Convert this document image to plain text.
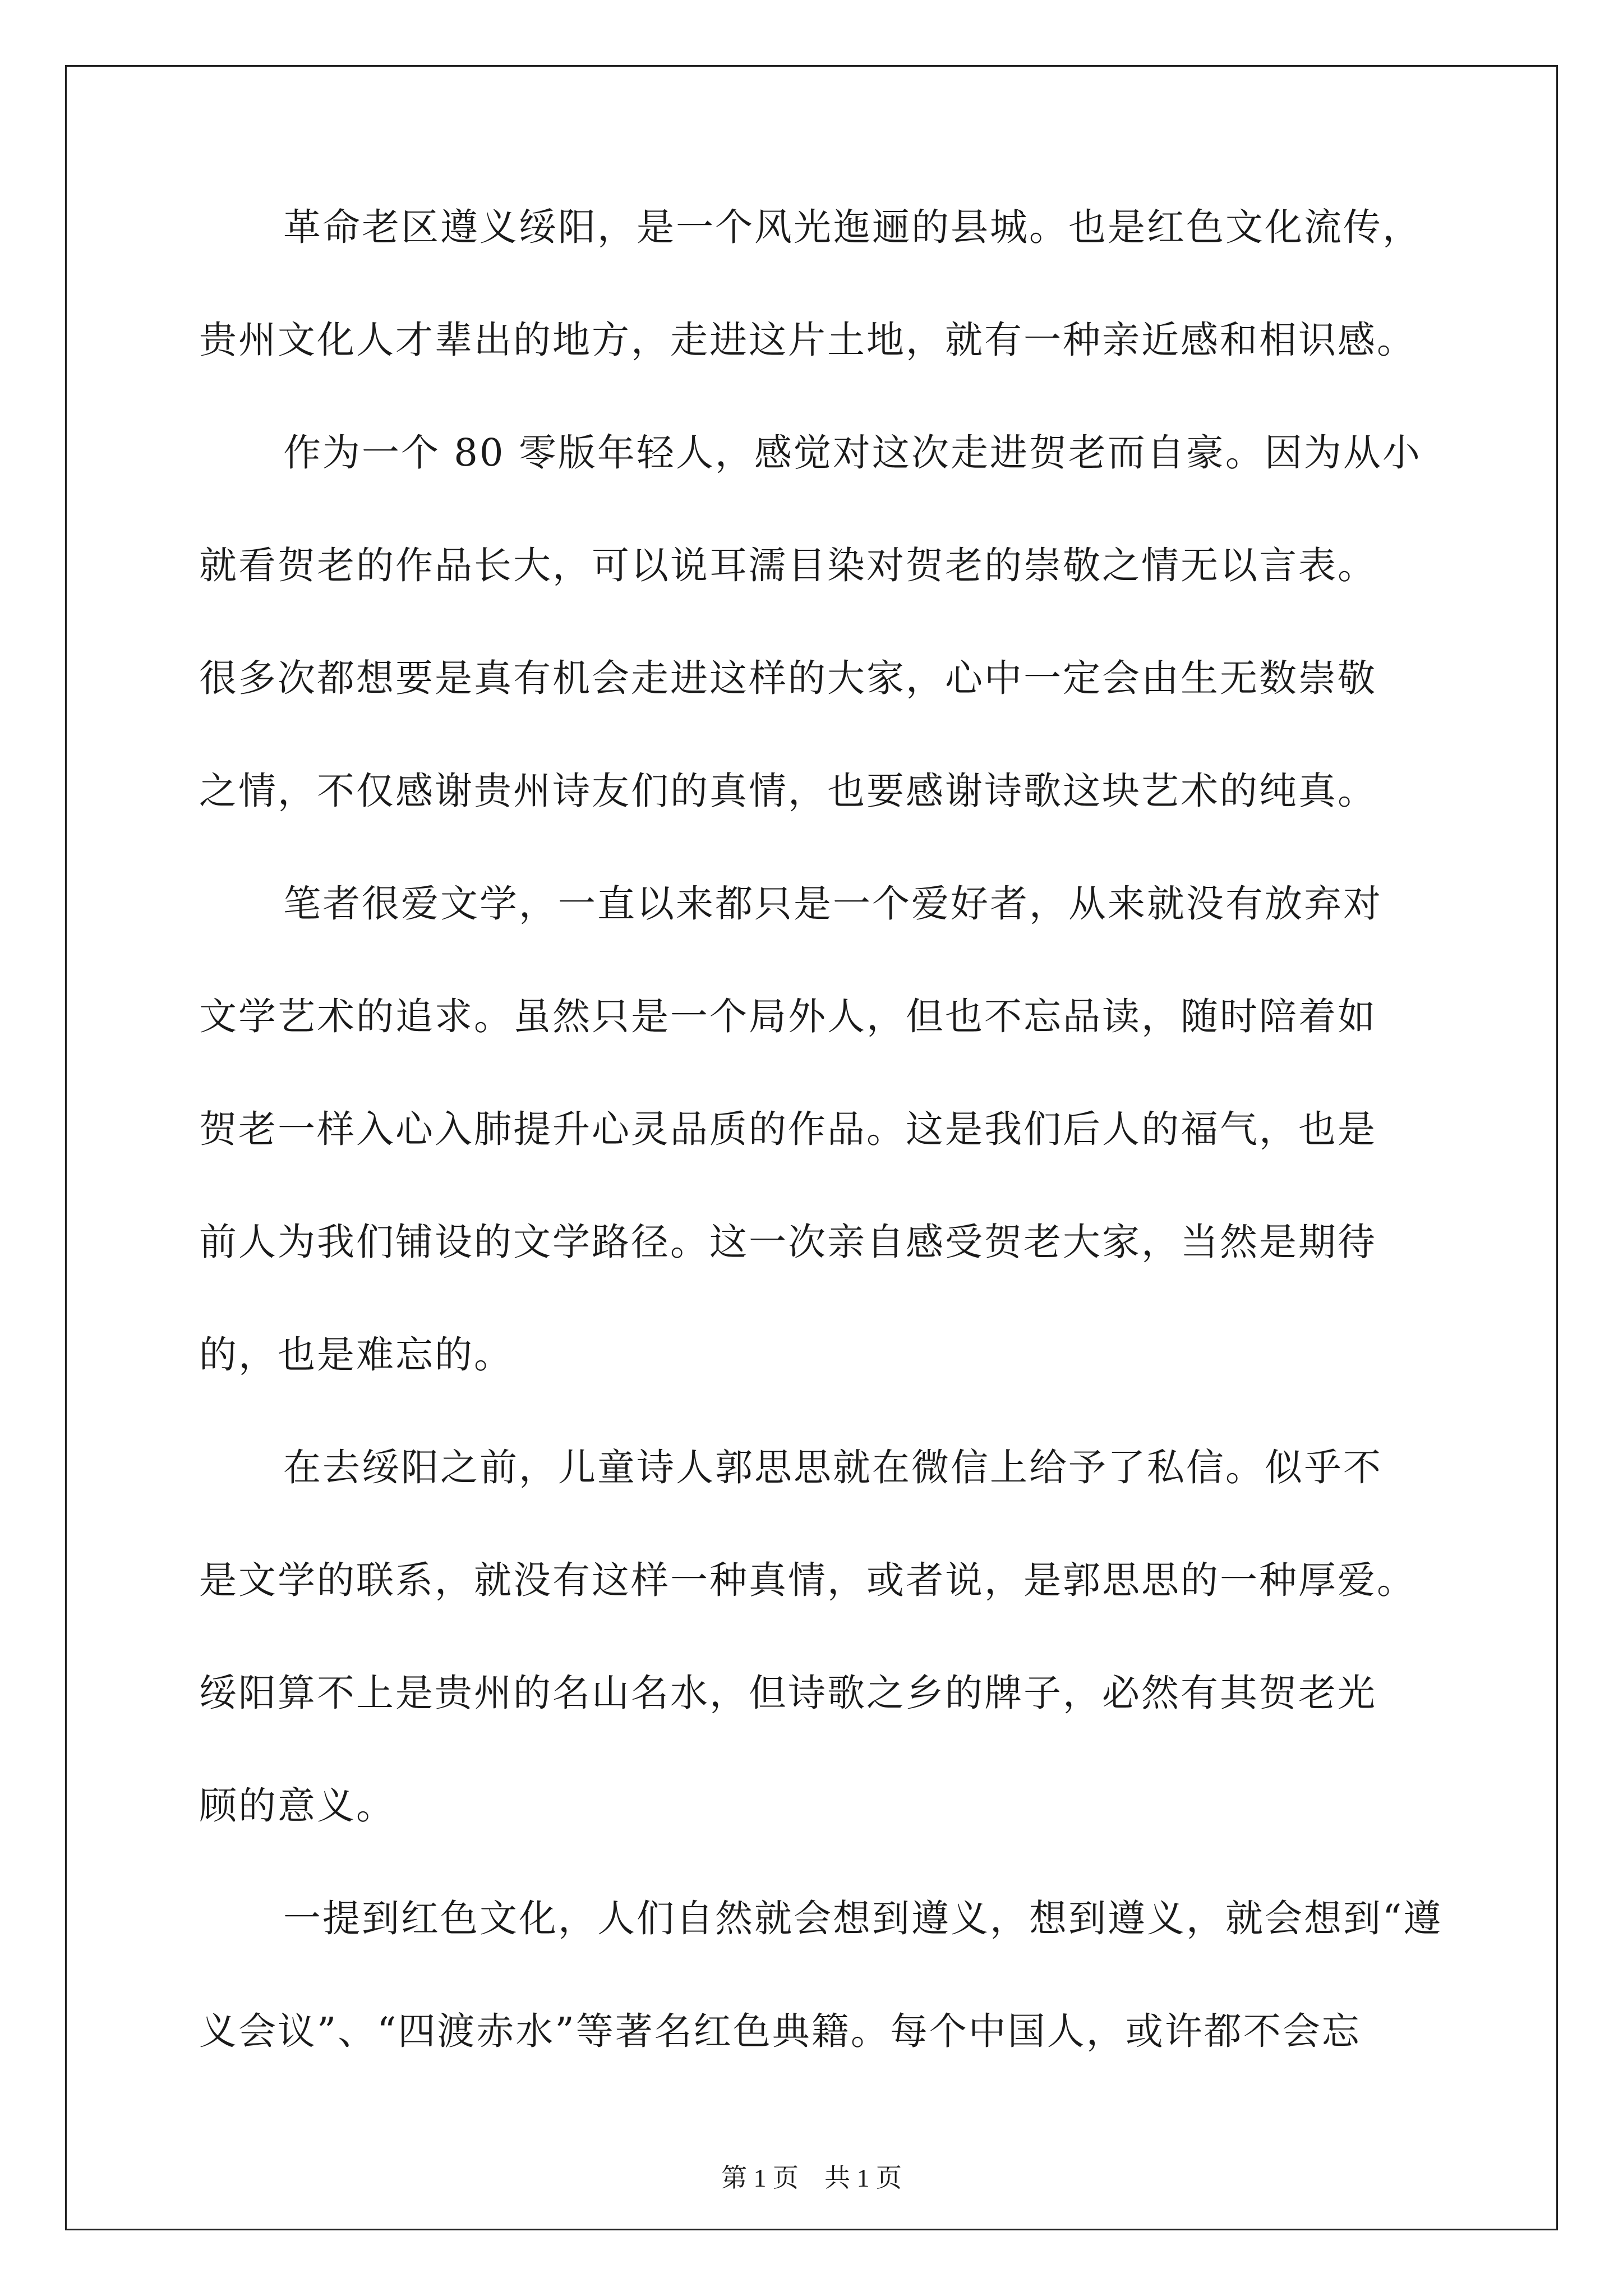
革命老区遵义绥阳，是一个风光迤逦的县城。也是红色文化流传，
贵州文化人才辈出的地方，走进这片土地，就有一种亲近感和相识感。
作为一个 80 零版年轻人，感觉对这次走进贺老而自豪。因为从小
就看贺老的作品长大，可以说耳濡目染对贺老的崇敬之情无以言表。
很多次都想要是真有机会走进这样的大家，心中一定会由生无数崇敬
之情，不仅感谢贵州诗友们的真情，也要感谢诗歌这块艺术的纯真。
笔者很爱文学，一直以来都只是一个爱好者，从来就没有放弃对
文学艺术的追求。虽然只是一个局外人，但也不忘品读，随时陪着如
贺老一样入心入肺提升心灵品质的作品。这是我们后人的福气，也是
前人为我们铺设的文学路径。这一次亲自感受贺老大家，当然是期待
的，也是难忘的。
在去绥阳之前，儿童诗人郭思思就在微信上给予了私信。似乎不
是文学的联系，就没有这样一种真情，或者说，是郭思思的一种厚爱。
绥阳算不上是贵州的名山名水，但诗歌之乡的牌子，必然有其贺老光
顾的意义。
一提到红色文化，人们自然就会想到遵义，想到遵义，就会想到“遵
义会议”、“四渡赤水”等著名红色典籍。每个中国人，或许都不会忘
第 1 页 共 1 页
